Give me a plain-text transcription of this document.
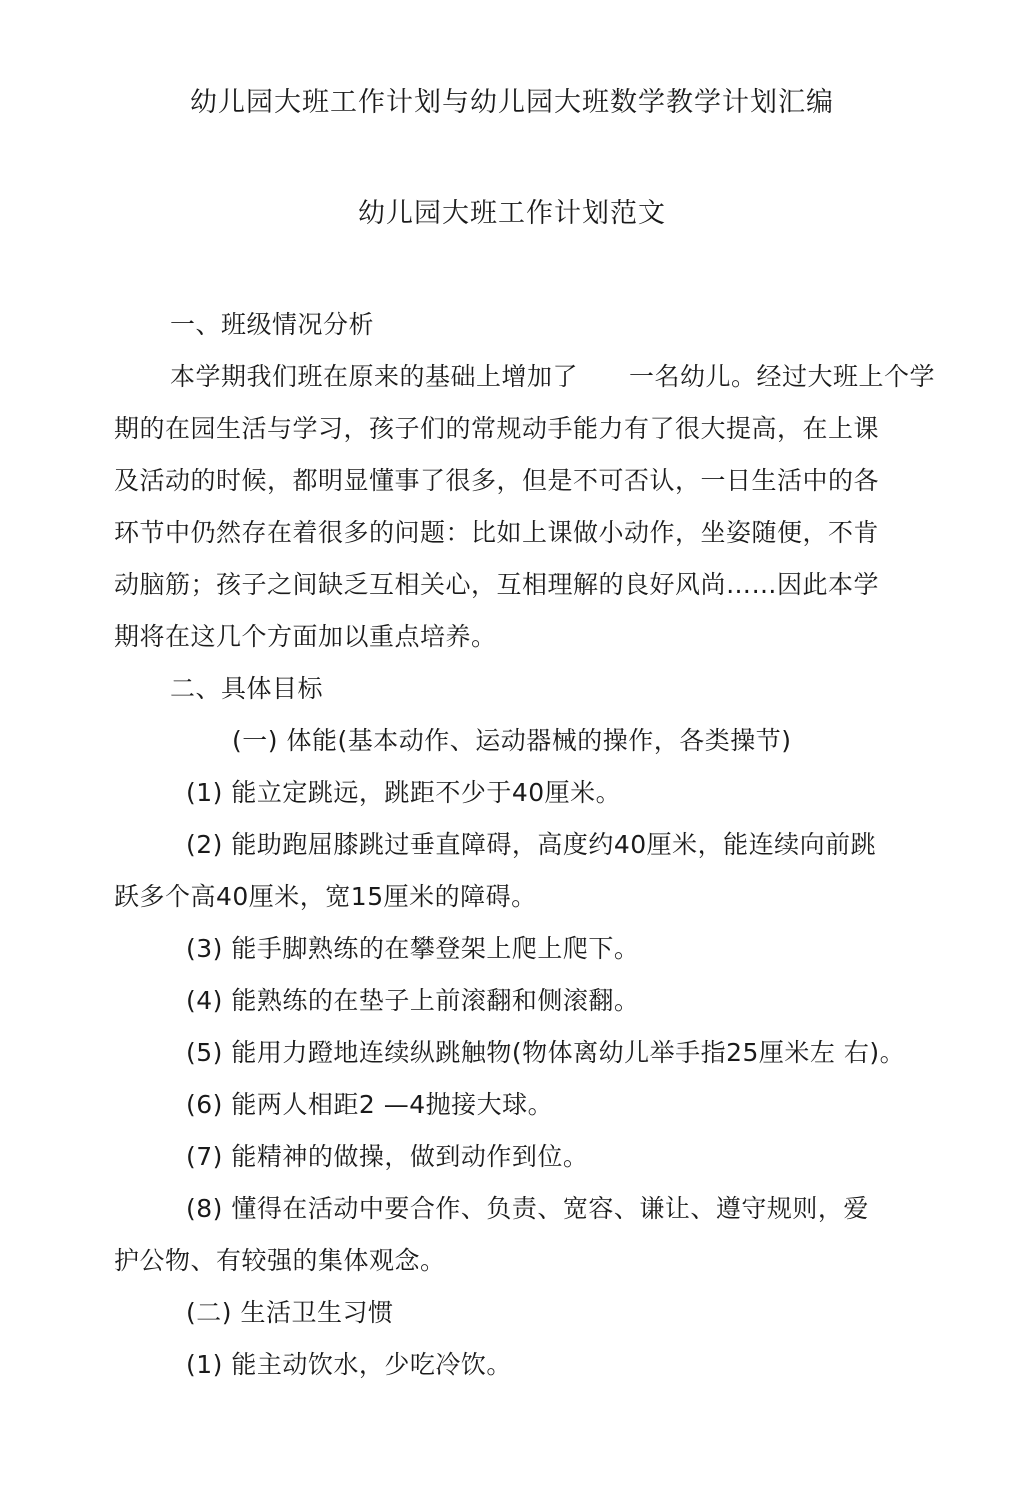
幼儿园大班工作计划与幼儿园大班数学教学计划汇编
幼儿园大班工作计划范文
一、班级情况分析
本学期我们班在原来的基础上增加了　　一名幼儿。经过大班上个学
期的在园生活与学习，孩子们的常规动手能力有了很大提高，在上课
及活动的时候，都明显懂事了很多，但是不可否认，一日生活中的各
环节中仍然存在着很多的问题：比如上课做小动作，坐姿随便，不肯
动脑筋；孩子之间缺乏互相关心，互相理解的良好风尚……因此本学
期将在这几个方面加以重点培养。
二、具体目标
(一) 体能(基本动作、运动器械的操作，各类操节)
(1) 能立定跳远，跳距不少于40厘米。
(2) 能助跑屈膝跳过垂直障碍，高度约40厘米，能连续向前跳
跃多个高40厘米，宽15厘米的障碍。
(3) 能手脚熟练的在攀登架上爬上爬下。
(4) 能熟练的在垫子上前滚翻和侧滚翻。
(5) 能用力蹬地连续纵跳触物(物体离幼儿举手指25厘米左 右)。
(6) 能两人相距2 —4抛接大球。
(7) 能精神的做操，做到动作到位。
(8) 懂得在活动中要合作、负责、宽容、谦让、遵守规则，爱
护公物、有较强的集体观念。
(二) 生活卫生习惯
(1) 能主动饮水，少吃冷饮。
